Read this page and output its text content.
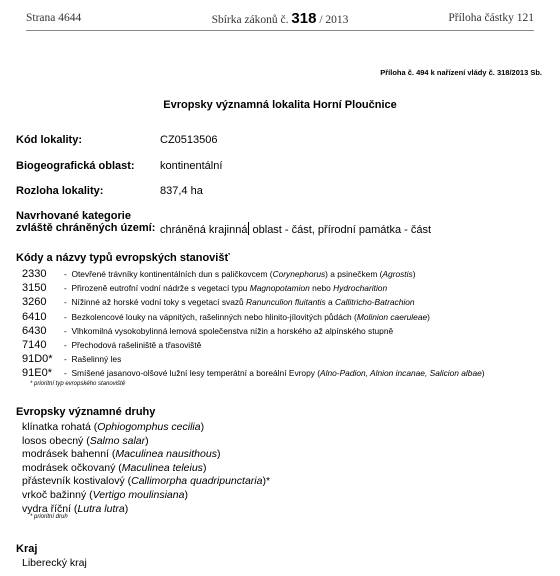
Strana 4644	Sbírka zákonů č. 318 / 2013	Příloha částky 121
Příloha č. 494 k nařízení vlády č. 318/2013 Sb.
Evropsky významná lokalita Horní Ploučnice
Kód lokality:	CZ0513506
Biogeografická oblast: kontinentální
Rozloha lokality:	837,4 ha
Navrhované kategorie
zvláště chráněných území: chráněná krajinná oblast - část, přírodní památka - část
Kódy a názvy typů evropských stanovišť
2330 - Otevřené trávníky kontinentálních dun s paličkovcem (Corynephorus) a psinečkem (Agrostis)
3150 - Přirozeně eutrofní vodní nádrže s vegetací typu Magnopotamion nebo Hydrocharition
3260 - Nížinné až horské vodní toky s vegetací svazů Ranunculion fluitantis a Callitricho-Batrachion
6410 - Bezkolencové louky na vápnitých, rašelinných nebo hlinito-jílovitých půdách (Molinion caeruleae)
6430 - Vlhkomilná vysokobylinná lemová společenstva nížin a horského až alpínského stupně
7140 - Přechodová rašeliniště a třasoviště
91D0* - Rašelinný les
91E0* - Smíšené jasanovo-olšové lužní lesy temperátní a boreální Evropy (Alno-Padion, Alnion incanae, Salicion albae)
* prioritní typ evropského stanoviště
Evropsky významné druhy
klínatka rohatá (Ophiogomphus cecilia)
losos obecný (Salmo salar)
modrásek bahenní (Maculinea nausithous)
modrásek očkovaný (Maculinea teleius)
přástevník kostivalový (Callimorpha quadripunctaria)*
vrkoč bažinný (Vertigo moulinsiana)
vydra říční (Lutra lutra)
* prioritní druh
Kraj
Liberecký kraj
